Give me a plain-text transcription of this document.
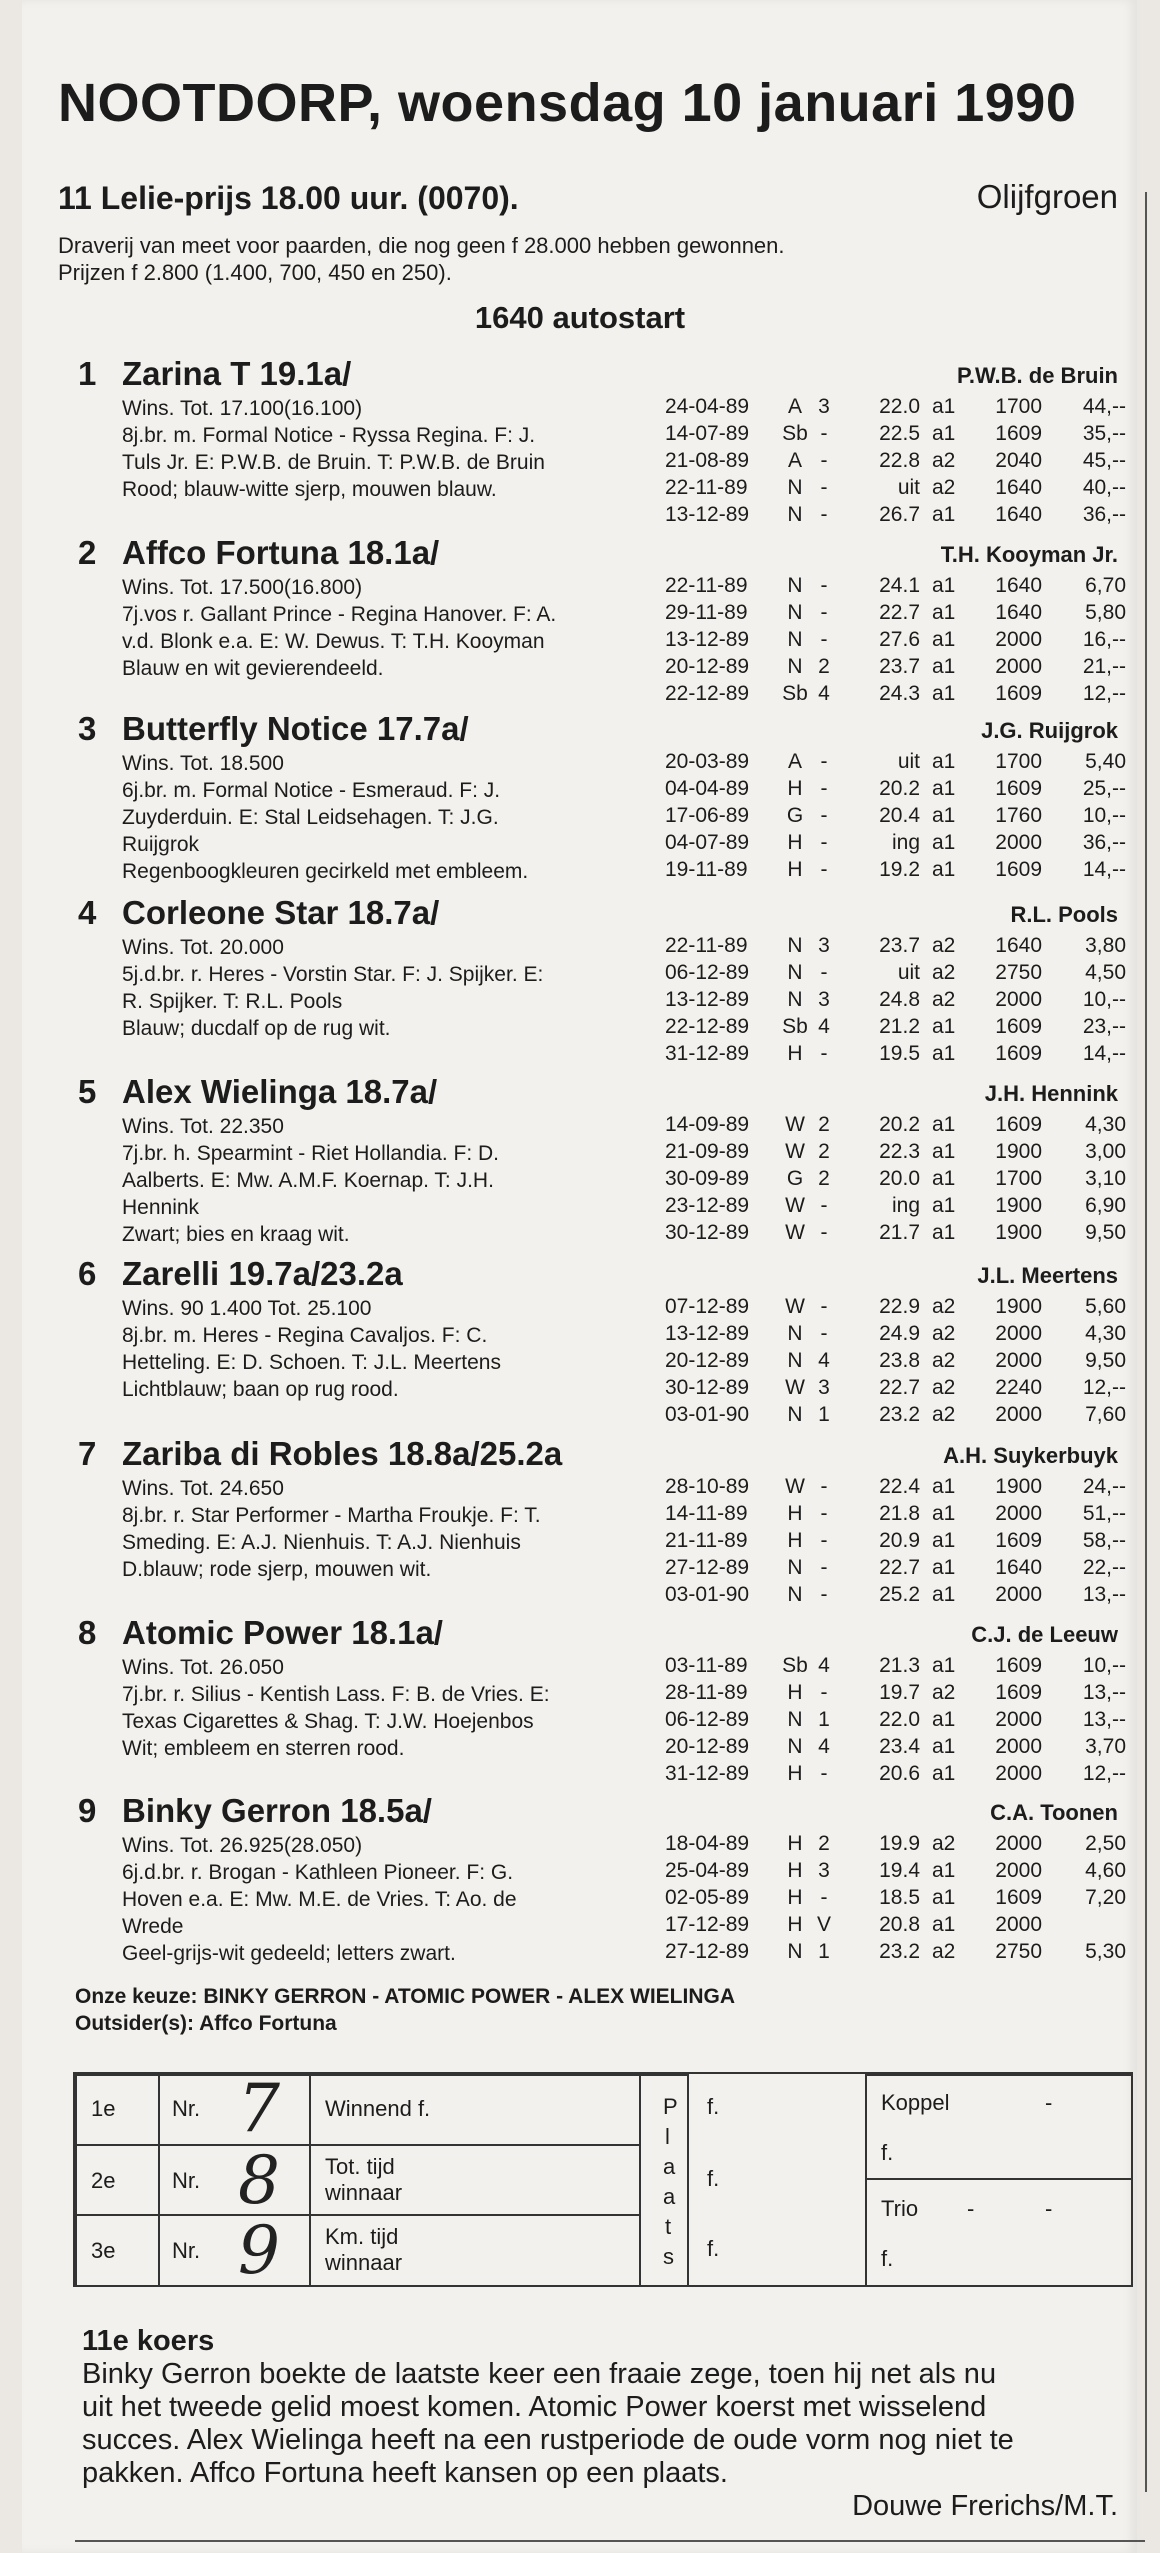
NOOTDORP, woensdag 10 januari 1990
11 Lelie-prijs 18.00 uur. (0070).	Olijfgroen
Draverij van meet voor paarden, die nog geen f 28.000 hebben gewonnen.
Prijzen f 2.800 (1.400, 700, 450 en 250).
1640 autostart
1 Zarina T 19.1a/	P.W.B. de Bruin
Wins. Tot. 17.100(16.100)
8j.br. m. Formal Notice - Ryssa Regina. F: J.
Tuls Jr. E: P.W.B. de Bruin. T: P.W.B. de Bruin
Rood; blauw-witte sjerp, mouwen blauw.
24-04-89	A 3	22.0 a1	1700	44,--
14-07-89 Sb -	22.5 a1	1609	35,--
21-08-89	A -	22.8 a2	2040	45,--
22-11-89	N -	uit a2	1640	40,--
13-12-89	N -	26.7 a1	1640	36,--
2 Affco Fortuna 18.1a/	T.H. Kooyman Jr.
Wins. Tot. 17.500(16.800)
7j.vos r. Gallant Prince - Regina Hanover. F: A.
v.d. Blonk e.a. E: W. Dewus. T: T.H. Kooyman
Blauw en wit gevierendeeld.
22-11-89	N -	24.1 a1	1640	6,70
29-11-89	N -	22.7 a1	1640	5,80
13-12-89	N -	27.6 a1	2000	16,--
20-12-89	N 2	23.7 a1	2000	21,--
22-12-89 Sb 4	24.3 a1	1609	12,--
3 Butterfly Notice 17.7a/	J.G. Ruijgrok
Wins. Tot. 18.500
6j.br. m. Formal Notice - Esmeraud. F: J.
Zuyderduin. E: Stal Leidsehagen. T: J.G.
Ruijgrok
Regenboogkleuren gecirkeld met embleem.
20-03-89	A -	uit a1	1700	5,40
04-04-89	H -	20.2 a1	1609	25,--
17-06-89	G -	20.4 a1	1760	10,--
04-07-89	H -	ing a1	2000	36,--
19-11-89	H -	19.2 a1	1609	14,--
4 Corleone Star 18.7a/	R.L. Pools
Wins. Tot. 20.000
5j.d.br. r. Heres - Vorstin Star. F: J. Spijker. E:
R. Spijker. T: R.L. Pools
Blauw; ducdalf op de rug wit.
22-11-89	N 3	23.7 a2	1640	3,80
06-12-89	N -	uit a2	2750	4,50
13-12-89	N 3	24.8 a2	2000	10,--
22-12-89 Sb 4	21.2 a1	1609	23,--
31-12-89	H -	19.5 a1	1609	14,--
5 Alex Wielinga 18.7a/	J.H. Hennink
Wins. Tot. 22.350
7j.br. h. Spearmint - Riet Hollandia. F: D.
Aalberts. E: Mw. A.M.F. Koernap. T: J.H.
Hennink
Zwart; bies en kraag wit.
14-09-89 W 2	20.2 a1	1609	4,30
21-09-89 W 2	22.3 a1	1900	3,00
30-09-89	G 2	20.0 a1	1700	3,10
23-12-89 W -	ing a1	1900	6,90
30-12-89 W -	21.7 a1	1900	9,50
6 Zarelli 19.7a/23.2a	J.L. Meertens
Wins. 90 1.400 Tot. 25.100
8j.br. m. Heres - Regina Cavaljos. F: C.
Hetteling. E: D. Schoen. T: J.L. Meertens
Lichtblauw; baan op rug rood.
07-12-89 W -	22.9 a2	1900	5,60
13-12-89	N -	24.9 a2	2000	4,30
20-12-89	N 4	23.8 a2	2000	9,50
30-12-89 W 3	22.7 a2	2240	12,--
03-01-90	N 1	23.2 a2	2000	7,60
7 Zariba di Robles 18.8a/25.2a	A.H. Suykerbuyk
Wins. Tot. 24.650
8j.br. r. Star Performer - Martha Froukje. F: T.
Smeding. E: A.J. Nienhuis. T: A.J. Nienhuis
D.blauw; rode sjerp, mouwen wit.
28-10-89 W -	22.4 a1	1900	24,--
14-11-89	H -	21.8 a1	2000	51,--
21-11-89	H -	20.9 a1	1609	58,--
27-12-89	N -	22.7 a1	1640	22,--
03-01-90	N -	25.2 a1	2000	13,--
8 Atomic Power 18.1a/	C.J. de Leeuw
Wins. Tot. 26.050
7j.br. r. Silius - Kentish Lass. F: B. de Vries. E:
Texas Cigarettes & Shag. T: J.W. Hoejenbos
Wit; embleem en sterren rood.
03-11-89 Sb 4	21.3 a1	1609	10,--
28-11-89	H -	19.7 a2	1609	13,--
06-12-89	N 1	22.0 a1	2000	13,--
20-12-89	N 4	23.4 a1	2000	3,70
31-12-89	H -	20.6 a1	2000	12,--
9 Binky Gerron 18.5a/	C.A. Toonen
Wins. Tot. 26.925(28.050)
6j.d.br. r. Brogan - Kathleen Pioneer. F: G.
Hoven e.a. E: Mw. M.E. de Vries. T: Ao. de
Wrede
Geel-grijs-wit gedeeld; letters zwart.
18-04-89	H 2	19.9 a2	2000	2,50
25-04-89	H 3	19.4 a1	2000	4,60
02-05-89	H -	18.5 a1	1609	7,20
17-12-89	H V	20.8 a1	2000
27-12-89	N 1	23.2 a2	2750	5,30
Onze keuze: BINKY GERRON - ATOMIC POWER - ALEX WIELINGA
Outsider(s): Affco Fortuna
1e	Nr. 7 Winnend f.
2e	Nr. 8 Tot. tijd
winnaar
3e	Nr. 9 Km. tijd
winnaar
P
l
a
a
t
s
f.
f.
f.
Koppel	-
f.
Trio -	-
f.
11e koers
Binky Gerron boekte de laatste keer een fraaie zege, toen hij net als nu
uit het tweede gelid moest komen. Atomic Power koerst met wisselend
succes. Alex Wielinga heeft na een rustperiode de oude vorm nog niet te
pakken. Affco Fortuna heeft kansen op een plaats.
Douwe Frerichs/M.T.
